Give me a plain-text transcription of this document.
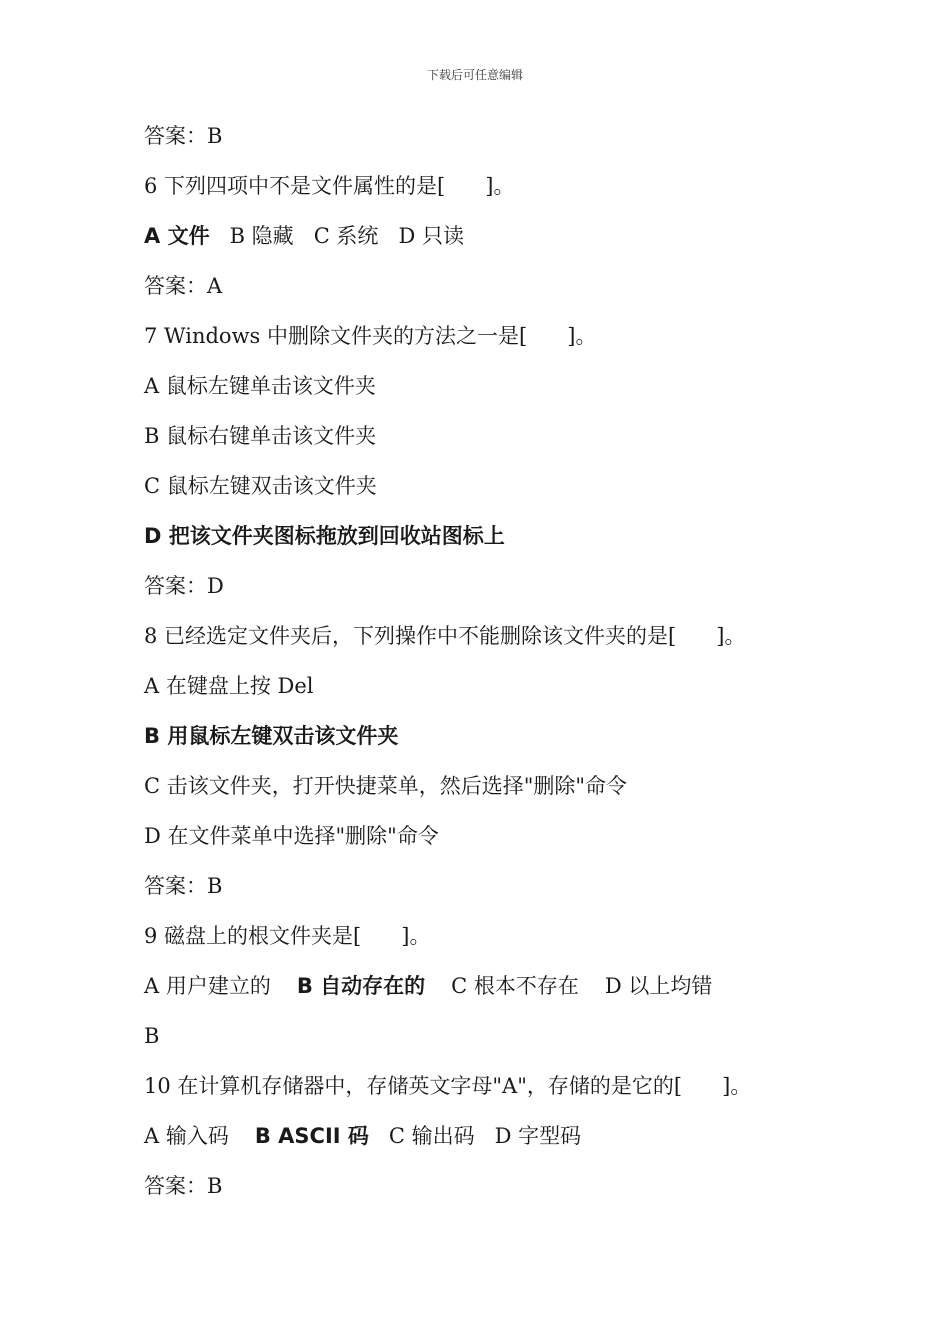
下载后可任意编辑
答案：B
6 下列四项中不是文件属性的是[      ]。
A 文件 B 隐藏 C 系统 D 只读
答案：A
7 Windows 中删除文件夹的方法之一是[      ]。
A 鼠标左键单击该文件夹
B 鼠标右键单击该文件夹
C 鼠标左键双击该文件夹
D 把该文件夹图标拖放到回收站图标上
答案：D
8 已经选定文件夹后，下列操作中不能删除该文件夹的是[      ]。
A 在键盘上按 Del
B 用鼠标左键双击该文件夹
C 击该文件夹，打开快捷菜单，然后选择"删除"命令
D 在文件菜单中选择"删除"命令
答案：B
9 磁盘上的根文件夹是[      ]。
A 用户建立的 B 自动存在的 C 根本不存在 D 以上均错
B
10 在计算机存储器中，存储英文字母"A"，存储的是它的[      ]。
A 输入码 B ASCII 码 C 输出码 D 字型码
答案：B
